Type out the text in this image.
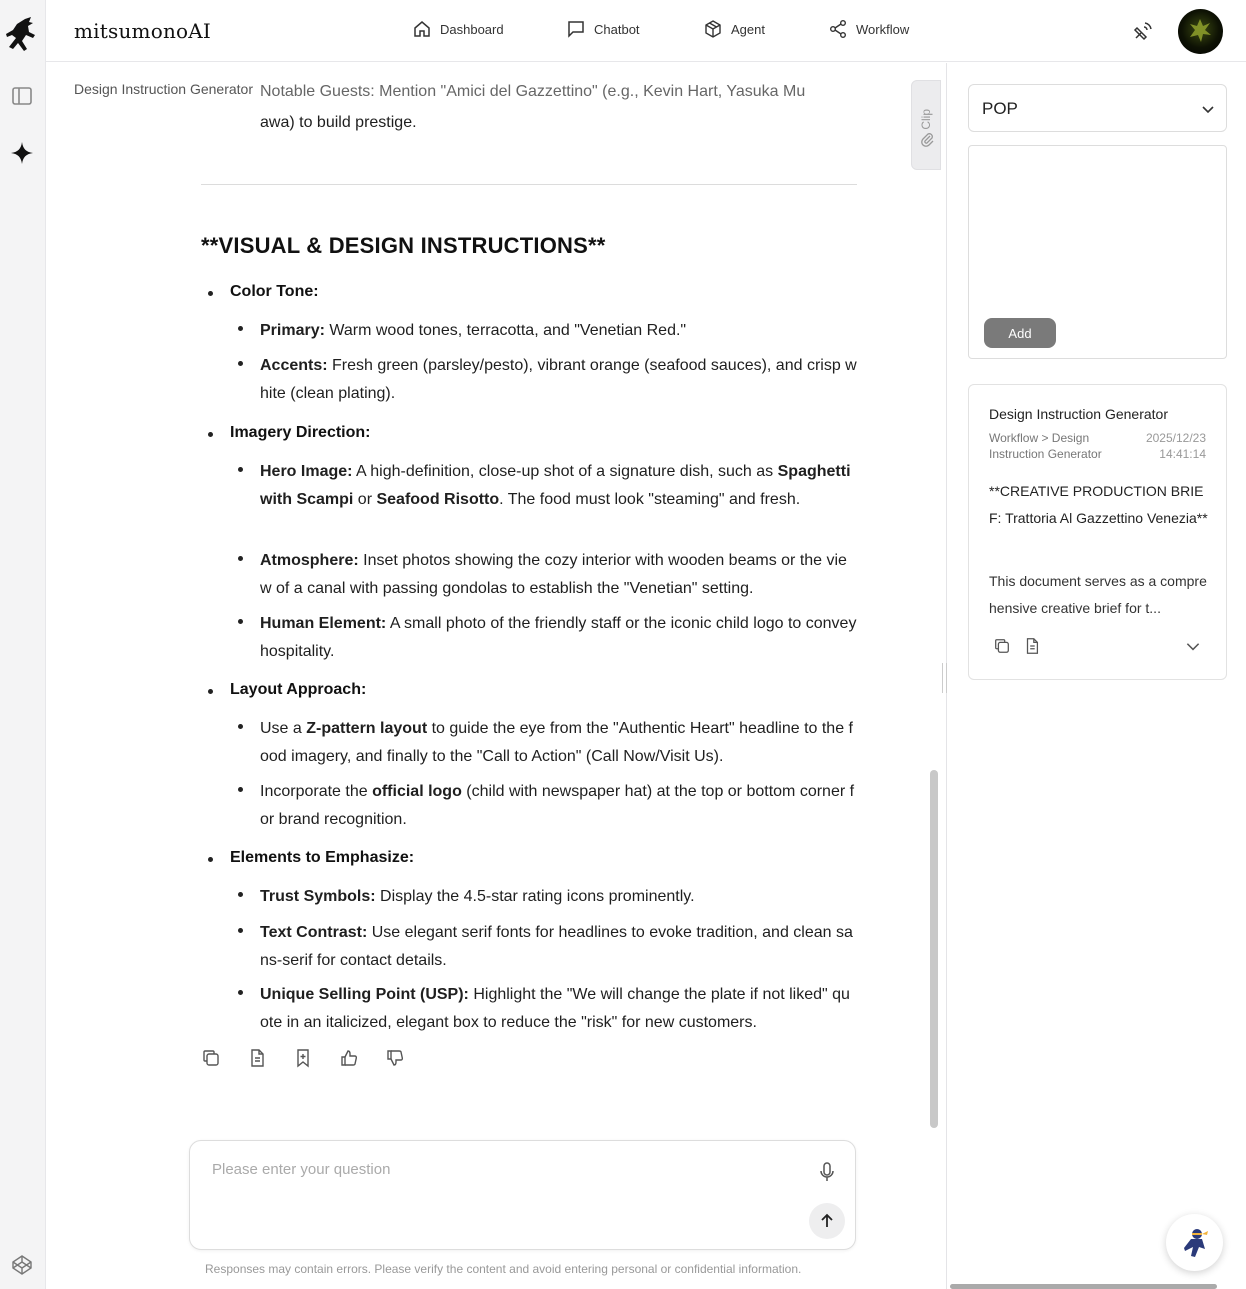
mitsumonoAI	Dashboard	Chatbot	Agent	Workflow
Design Instruction Generator Notable Guests: Mention "Amici del Gazzettino" (e.g., Kevin Hart, Yasuka Mu
awa) to build prestige.
**VISUAL & DESIGN INSTRUCTIONS**
Color Tone:
Primary: Warm wood tones, terracotta, and "Venetian Red."
Accents: Fresh green (parsley/pesto), vibrant orange (seafood sauces), and crisp white (clean plating).
Imagery Direction:
Hero Image: A high-definition, close-up shot of a signature dish, such as Spaghetti with Scampi or Seafood Risotto. The food must look "steaming" and fresh.
Atmosphere: Inset photos showing the cozy interior with wooden beams or the view of a canal with passing gondolas to establish the "Venetian" setting.
Human Element: A small photo of the friendly staff or the iconic child logo to convey hospitality.
Layout Approach:
Use a Z-pattern layout to guide the eye from the "Authentic Heart" headline to the food imagery, and finally to the "Call to Action" (Call Now/Visit Us).
Incorporate the official logo (child with newspaper hat) at the top or bottom corner for brand recognition.
Elements to Emphasize:
Trust Symbols: Display the 4.5-star rating icons prominently.
Text Contrast: Use elegant serif fonts for headlines to evoke tradition, and clean sans-serif for contact details.
Unique Selling Point (USP): Highlight the "We will change the plate if not liked" quote in an italicized, elegant box to reduce the "risk" for new customers.
Clip
Please enter your question
Responses may contain errors. Please verify the content and avoid entering personal or confidential information.
POP
Add
Design Instruction Generator
Workflow > Design Instruction Generator
2025/12/23
14:41:14
**CREATIVE PRODUCTION BRIEF: Trattoria Al Gazzettino Venezia**
This document serves as a comprehensive creative brief for t...
